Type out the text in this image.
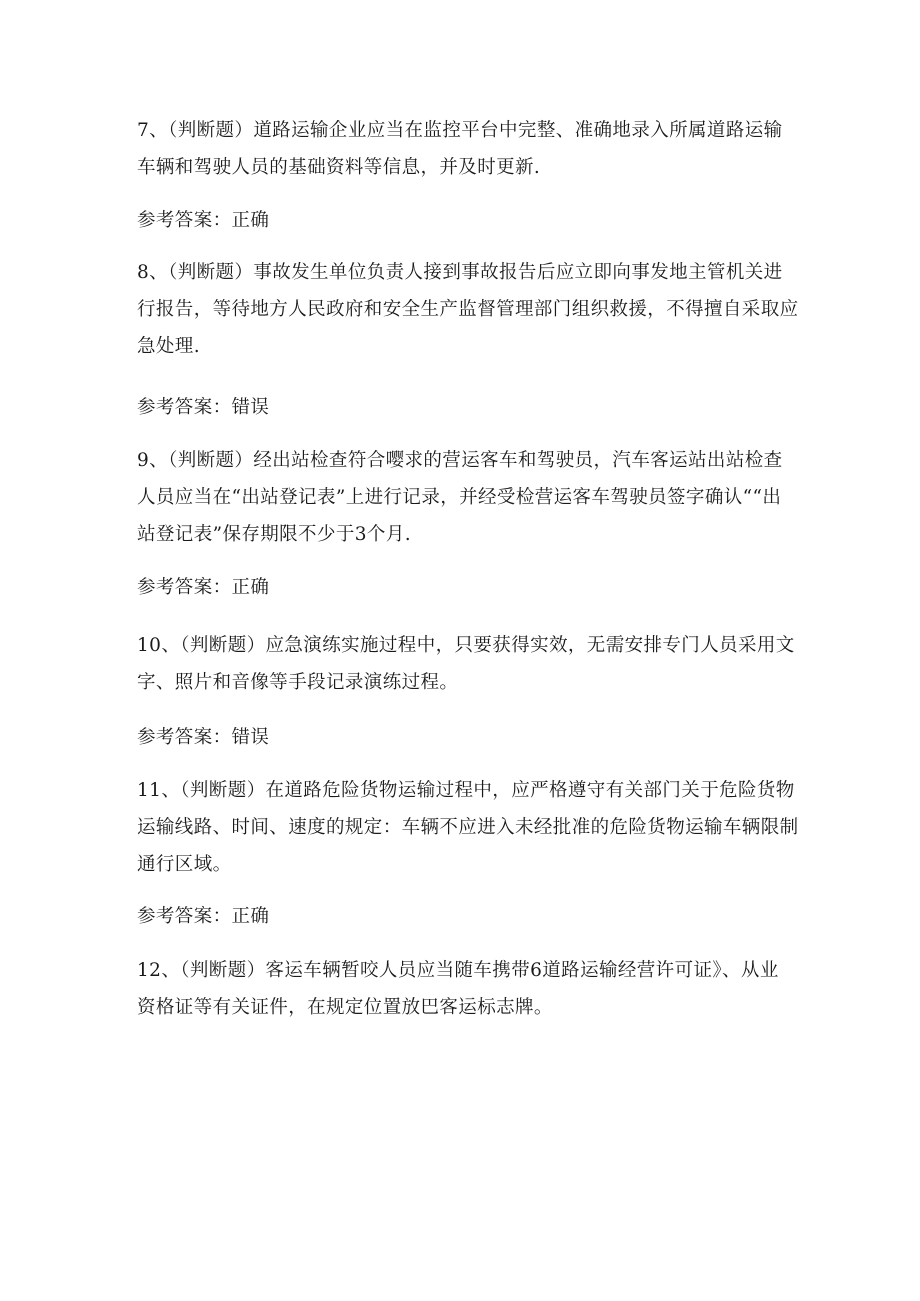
7、（判断题）道路运输企业应当在监控平台中完整、准确地录入所属道路运输
车辆和驾驶人员的基础资料等信息，并及时更新.
参考答案：正确
8、（判断题）事故发生单位负责人接到事故报告后应立即向事发地主管机关进
行报告，等待地方人民政府和安全生产监督管理部门组织救援，不得擅自采取应
急处理.
参考答案：错误
9、（判断题）经出站检查符合嘤求的营运客车和驾驶员，汽车客运站出站检查
人员应当在“出站登记表”上进行记录，并经受检营运客车驾驶员签字确认““出
站登记表”保存期限不少于3个月.
参考答案：正确
10、（判断题）应急演练实施过程中，只要获得实效，无需安排专门人员采用文
字、照片和音像等手段记录演练过程。
参考答案：错误
11、（判断题）在道路危险货物运输过程中，应严格遵守有关部门关于危险货物
运输线路、时间、速度的规定：车辆不应进入未经批准的危险货物运输车辆限制
通行区域。
参考答案：正确
12、（判断题）客运车辆暂咬人员应当随车携带6道路运输经营许可证》、从业
资格证等有关证件，在规定位置放巴客运标志牌。
